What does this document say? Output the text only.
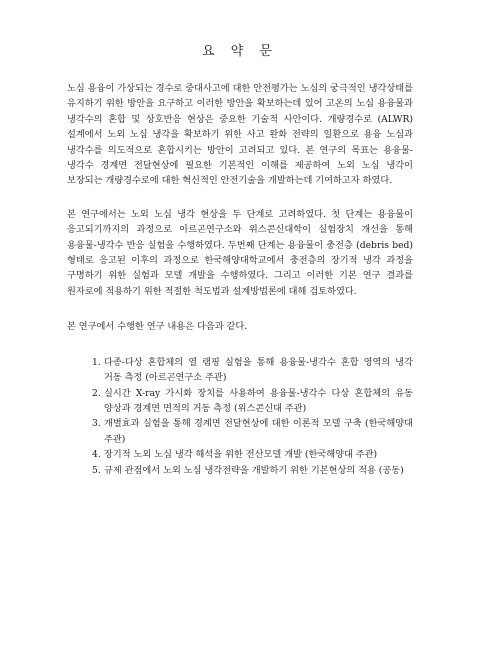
요 약 문

노심 용융이 가상되는 경수로 중대사고에 대한 안전평가는 노심의 궁극적인 냉각상태를 유지하기 위한 방안을 요구하고 이러한 방안을 확보하는데 있어 고온의 노심 용융물과 냉각수의 혼합 및 상호반응 현상은 중요한 기술적 사안이다. 개량경수로 (ALWR) 설계에서 노외 노심 냉각을 확보하기 위한 사고 완화 전략의 일환으로 용융 노심과 냉각수를 의도적으로 혼합시키는 방안이 고려되고 있다. 본 연구의 목표는 용융물-냉각수 경계면 전달현상에 필요한 기본적인 이해를 제공하여 노외 노심 냉각이 보장되는 개량경수로에 대한 혁신적인 안전기술을 개발하는데 기여하고자 하였다.

본 연구에서는 노외 노심 냉각 현상을 두 단계로 고려하였다. 첫 단계는 용융물이 응고되기까지의 과정으로 아르곤연구소와 위스콘신대학이 실험장치 개선을 통해 용융물-냉각수 반응 실험을 수행하였다. 두번째 단계는 용융물이 충전층 (debris bed) 형태로 응고된 이후의 과정으로 한국해양대학교에서 충전층의 장기적 냉각 과정을 구명하기 위한 실험과 모델 개발을 수행하였다. 그리고 이러한 기본 연구 결과를 원자로에 적용하기 위한 적절한 척도법과 설계방법론에 대해 검토하였다.

본 연구에서 수행한 연구 내용은 다음과 같다.

1. 다종-다상 혼합체의 열 램핑 실험을 통해 용융물-냉각수 혼합 영역의 냉각 거동 측정 (아르곤연구소 주관)
2. 실시간 X-ray 가시화 장치를 사용하여 용융물-냉각수 다상 혼합체의 유동 양상과 경계면 면적의 거동 측정 (위스콘신대 주관)
3. 개별효과 실험을 통해 경계면 전달현상에 대한 이론적 모델 구축 (한국해양대 주관)
4. 장기적 노외 노심 냉각 해석을 위한 전산모델 개발 (한국해양대 주관)
5. 규제 관점에서 노외 노심 냉각전략을 개발하기 위한 기본현상의 적용 (공동)
